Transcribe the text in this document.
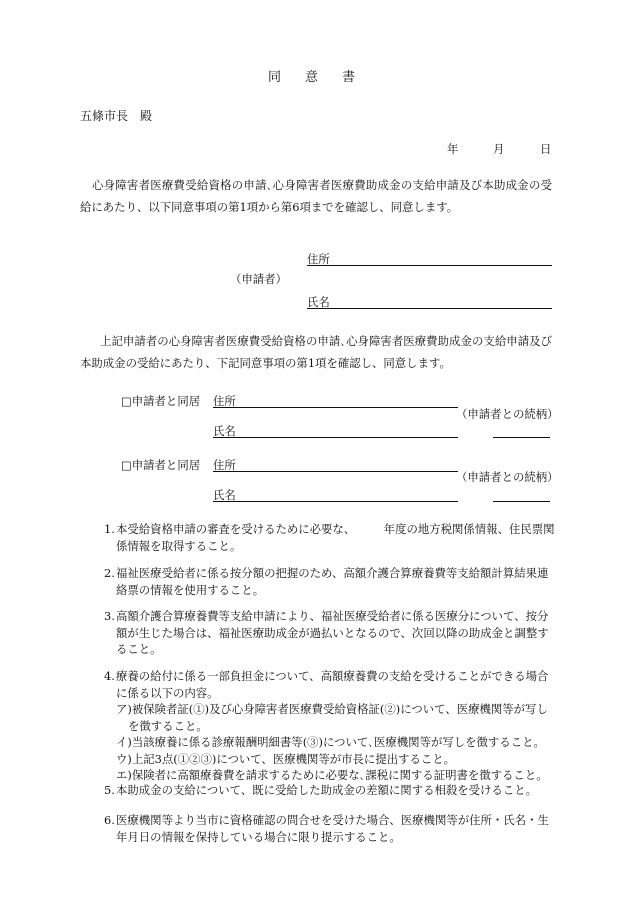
同意書
五條市長　殿
年	月	日
心身障害者医療費受給資格の申請､心身障害者医療費助成金の支給申請及び本助成金の受給にあたり、以下同意事項の第1項から第6項までを確認し、同意します。
住所
（申請者）
氏名
上記申請者の心身障害者医療費受給資格の申請､心身障害者医療費助成金の支給申請及び本助成金の受給にあたり、下記同意事項の第1項を確認し、同意します。
□申請者と同居 住所
（申請者との続柄）
氏名
□申請者と同居 住所
（申請者との続柄）
氏名
1. 本受給資格申請の審査を受けるために必要な、　　　年度の地方税関係情報、住民票関係情報を取得すること。
2. 福祉医療受給者に係る按分額の把握のため、高額介護合算療養費等支給額計算結果連絡票の情報を使用すること。
3. 高額介護合算療養費等支給申請により、福祉医療受給者に係る医療分について、按分額が生じた場合は、福祉医療助成金が過払いとなるので、次回以降の助成金と調整すること。
4. 療養の給付に係る一部負担金について、高額療養費の支給を受けることができる場合に係る以下の内容。
ア)被保険者証(①)及び心身障害者医療費受給資格証(②)について、医療機関等が写しを徴すること。
イ)当該療養に係る診療報酬明細書等(③)について､医療機関等が写しを徴すること。
ウ)上記3点(①②③)について、医療機関等が市長に提出すること。
エ)保険者に高額療養費を請求するために必要な､課税に関する証明書を徴すること。
5. 本助成金の支給について、既に受給した助成金の差額に関する相殺を受けること。
6. 医療機関等より当市に資格確認の問合せを受けた場合、医療機関等が住所・氏名・生年月日の情報を保持している場合に限り提示すること。
